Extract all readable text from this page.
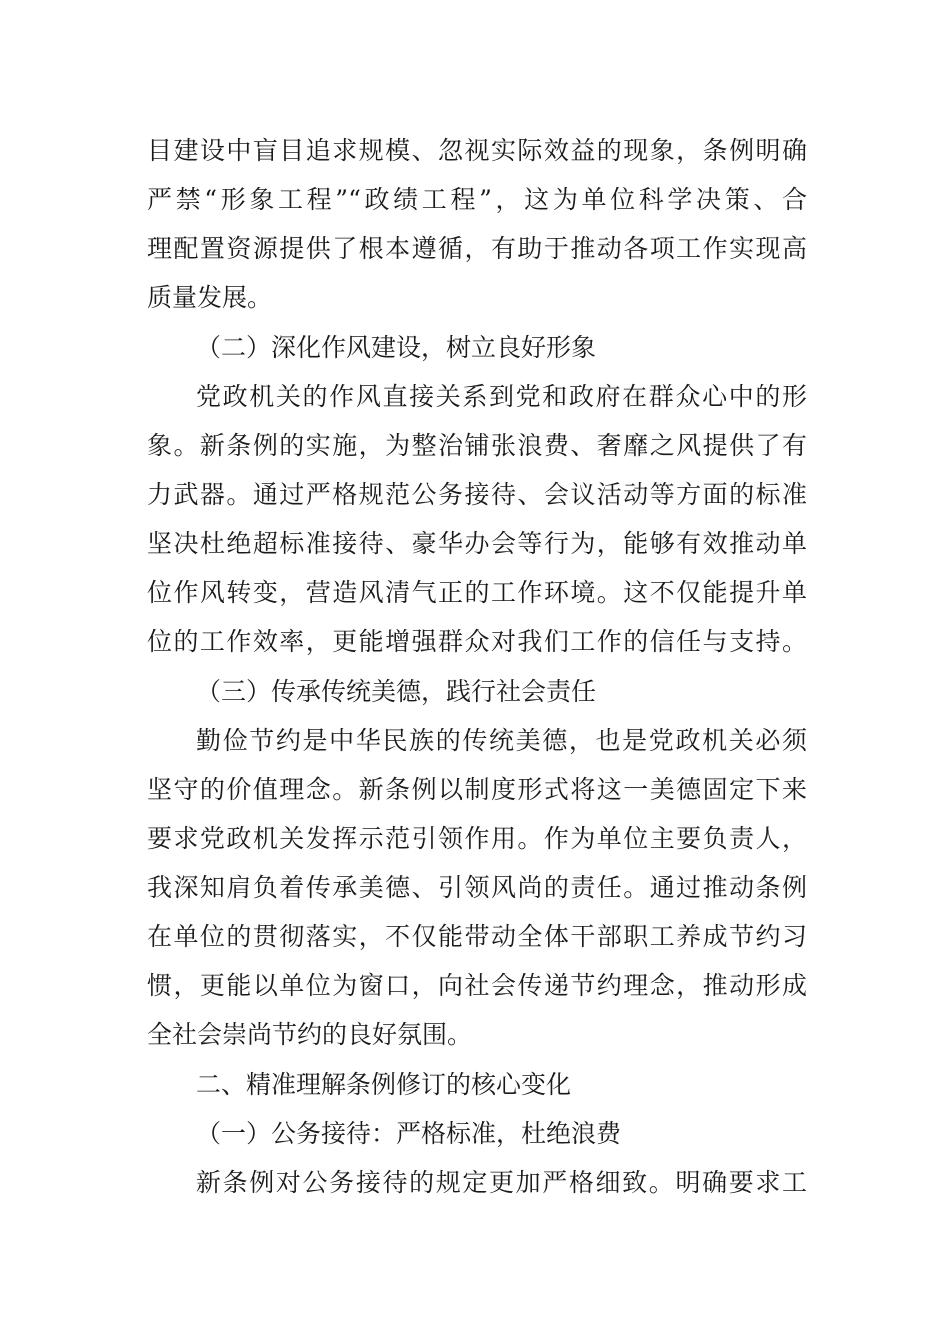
目建设中盲目追求规模、忽视实际效益的现象，条例明确
严禁“形象工程”“政绩工程”，这为单位科学决策、合
理配置资源提供了根本遵循，有助于推动各项工作实现高
质量发展。
（二）深化作风建设，树立良好形象
党政机关的作风直接关系到党和政府在群众心中的形
象。新条例的实施，为整治铺张浪费、奢靡之风提供了有
力武器。通过严格规范公务接待、会议活动等方面的标准
坚决杜绝超标准接待、豪华办会等行为，能够有效推动单
位作风转变，营造风清气正的工作环境。这不仅能提升单
位的工作效率，更能增强群众对我们工作的信任与支持。
（三）传承传统美德，践行社会责任
勤俭节约是中华民族的传统美德，也是党政机关必须
坚守的价值理念。新条例以制度形式将这一美德固定下来
要求党政机关发挥示范引领作用。作为单位主要负责人，
我深知肩负着传承美德、引领风尚的责任。通过推动条例
在单位的贯彻落实，不仅能带动全体干部职工养成节约习
惯，更能以单位为窗口，向社会传递节约理念，推动形成
全社会崇尚节约的良好氛围。
二、精准理解条例修订的核心变化
（一）公务接待：严格标准，杜绝浪费
新条例对公务接待的规定更加严格细致。明确要求工
